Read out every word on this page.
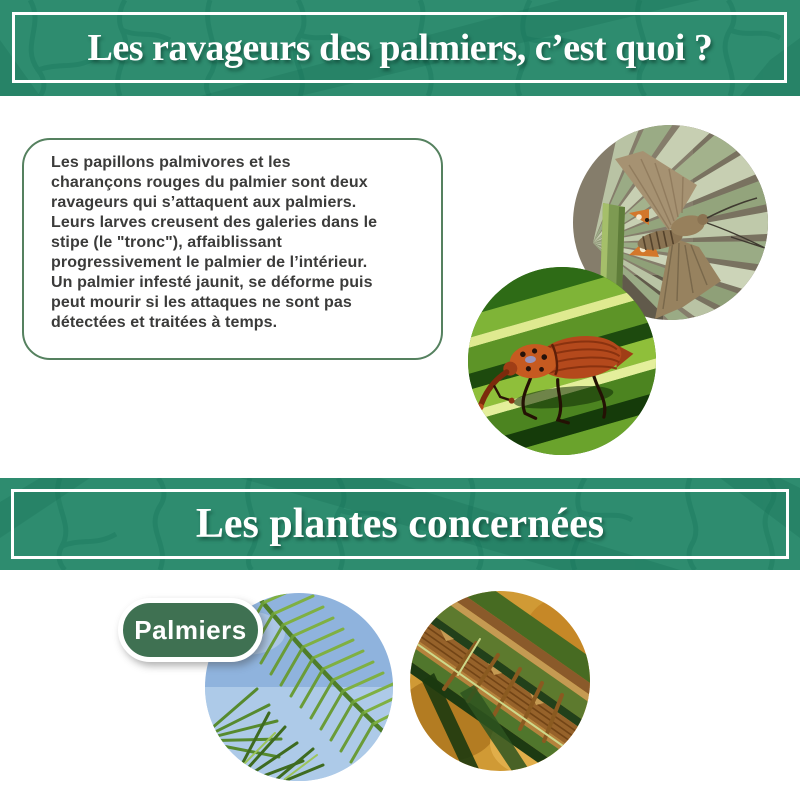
Les ravageurs des palmiers, c’est quoi ?
Les papillons palmivores et les
charançons rouges du palmier sont deux
ravageurs qui s’attaquent aux palmiers.
Leurs larves creusent des galeries dans le
stipe (le "tronc"), affaiblissant
progressivement le palmier de l’intérieur.
Un palmier infesté jaunit, se déforme puis
peut mourir si les attaques ne sont pas
détectées et traitées à temps.
Les plantes concernées
Palmiers
